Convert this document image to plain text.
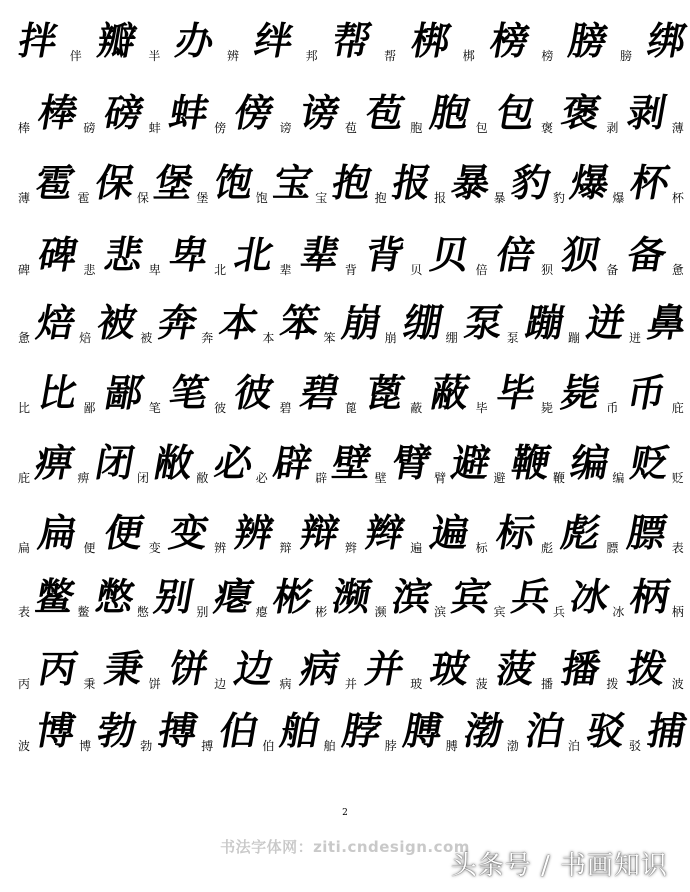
拌 伴 瓣 半 办 辨 绊 邦 帮 帮 梆 梆 榜 榜 膀 膀 绑
棒 棒 磅 磅 蚌 蚌 傍 傍 谤 谤 苞 苞 胞 胞 包 包 褒 褒 剥 剥 薄
薄 雹 雹 保 保 堡 堡 饱 饱 宝 宝 抱 抱 报 报 暴 暴 豹 豹 爆 爆 杯 杯
碑 碑 悲 悲 卑 卑 北 北 辈 辈 背 背 贝 贝 倍 倍 狈 狈 备 备 惫
惫 焙 焙 被 被 奔 奔 本 本 笨 笨 崩 崩 绷 绷 泵 泵 蹦 蹦 迸 迸 鼻
比 比 鄙 鄙 笔 笔 彼 彼 碧 碧 蓖 蓖 蔽 蔽 毕 毕 毙 毙 币 币 庇
庇 痹 痹 闭 闭 敝 敝 必 必 辟 辟 壁 壁 臂 臂 避 避 鞭 鞭 编 编 贬 贬
扁 扁 便 便 变 变 辨 辨 辩 辩 辫 辫 遍 遍 标 标 彪 彪 膘 膘 表
表 鳖 鳖 憋 憋 别 别 瘪 瘪 彬 彬 濒 濒 滨 滨 宾 宾 兵 兵 冰 冰 柄 柄
丙 丙 秉 秉 饼 饼 边 边 病 病 并 并 玻 玻 菠 菠 播 播 拨 拨 波
波 博 博 勃 勃 搏 搏 伯 伯 舶 舶 脖 脖 膊 膊 渤 渤 泊 泊 驳 驳 捕
2
书法字体网：ziti.cndesign.com
头条号 / 书画知识
